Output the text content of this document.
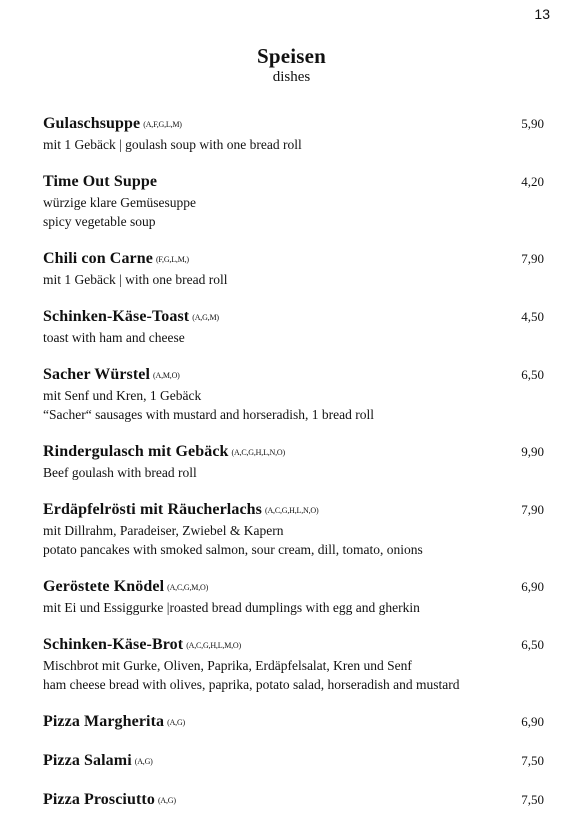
13
Speisen
dishes
Gulaschsuppe (A,F,G,L,M)	5,90
mit 1 Gebäck | goulash soup with one bread roll
Time Out Suppe	4,20
würzige klare Gemüsesuppe
spicy vegetable soup
Chili con Carne (F,G,L,M,)	7,90
mit 1 Gebäck | with one bread roll
Schinken-Käse-Toast (A,G,M)	4,50
toast with ham and cheese
Sacher Würstel (A,M,O)	6,50
mit Senf und Kren, 1 Gebäck
“Sacher“ sausages with mustard and horseradish, 1 bread roll
Rindergulasch mit Gebäck (A,C,G,H,L,N,O)	9,90
Beef goulash with bread roll
Erdäpfelrösti mit Räucherlachs (A,C,G,H,L,N,O)	7,90
mit Dillrahm, Paradeiser, Zwiebel & Kapern
potato pancakes with smoked salmon, sour cream, dill, tomato, onions
Geröstete Knödel (A,C,G,M,O)	6,90
mit Ei und Essiggurke |roasted bread dumplings with egg and gherkin
Schinken-Käse-Brot (A,C,G,H,L,M,O)	6,50
Mischbrot mit Gurke, Oliven, Paprika, Erdäpfelsalat, Kren und Senf
ham cheese bread with olives, paprika, potato salad, horseradish and mustard
Pizza Margherita (A,G)	6,90
Pizza Salami (A,G)	7,50
Pizza Prosciutto (A,G)	7,50
